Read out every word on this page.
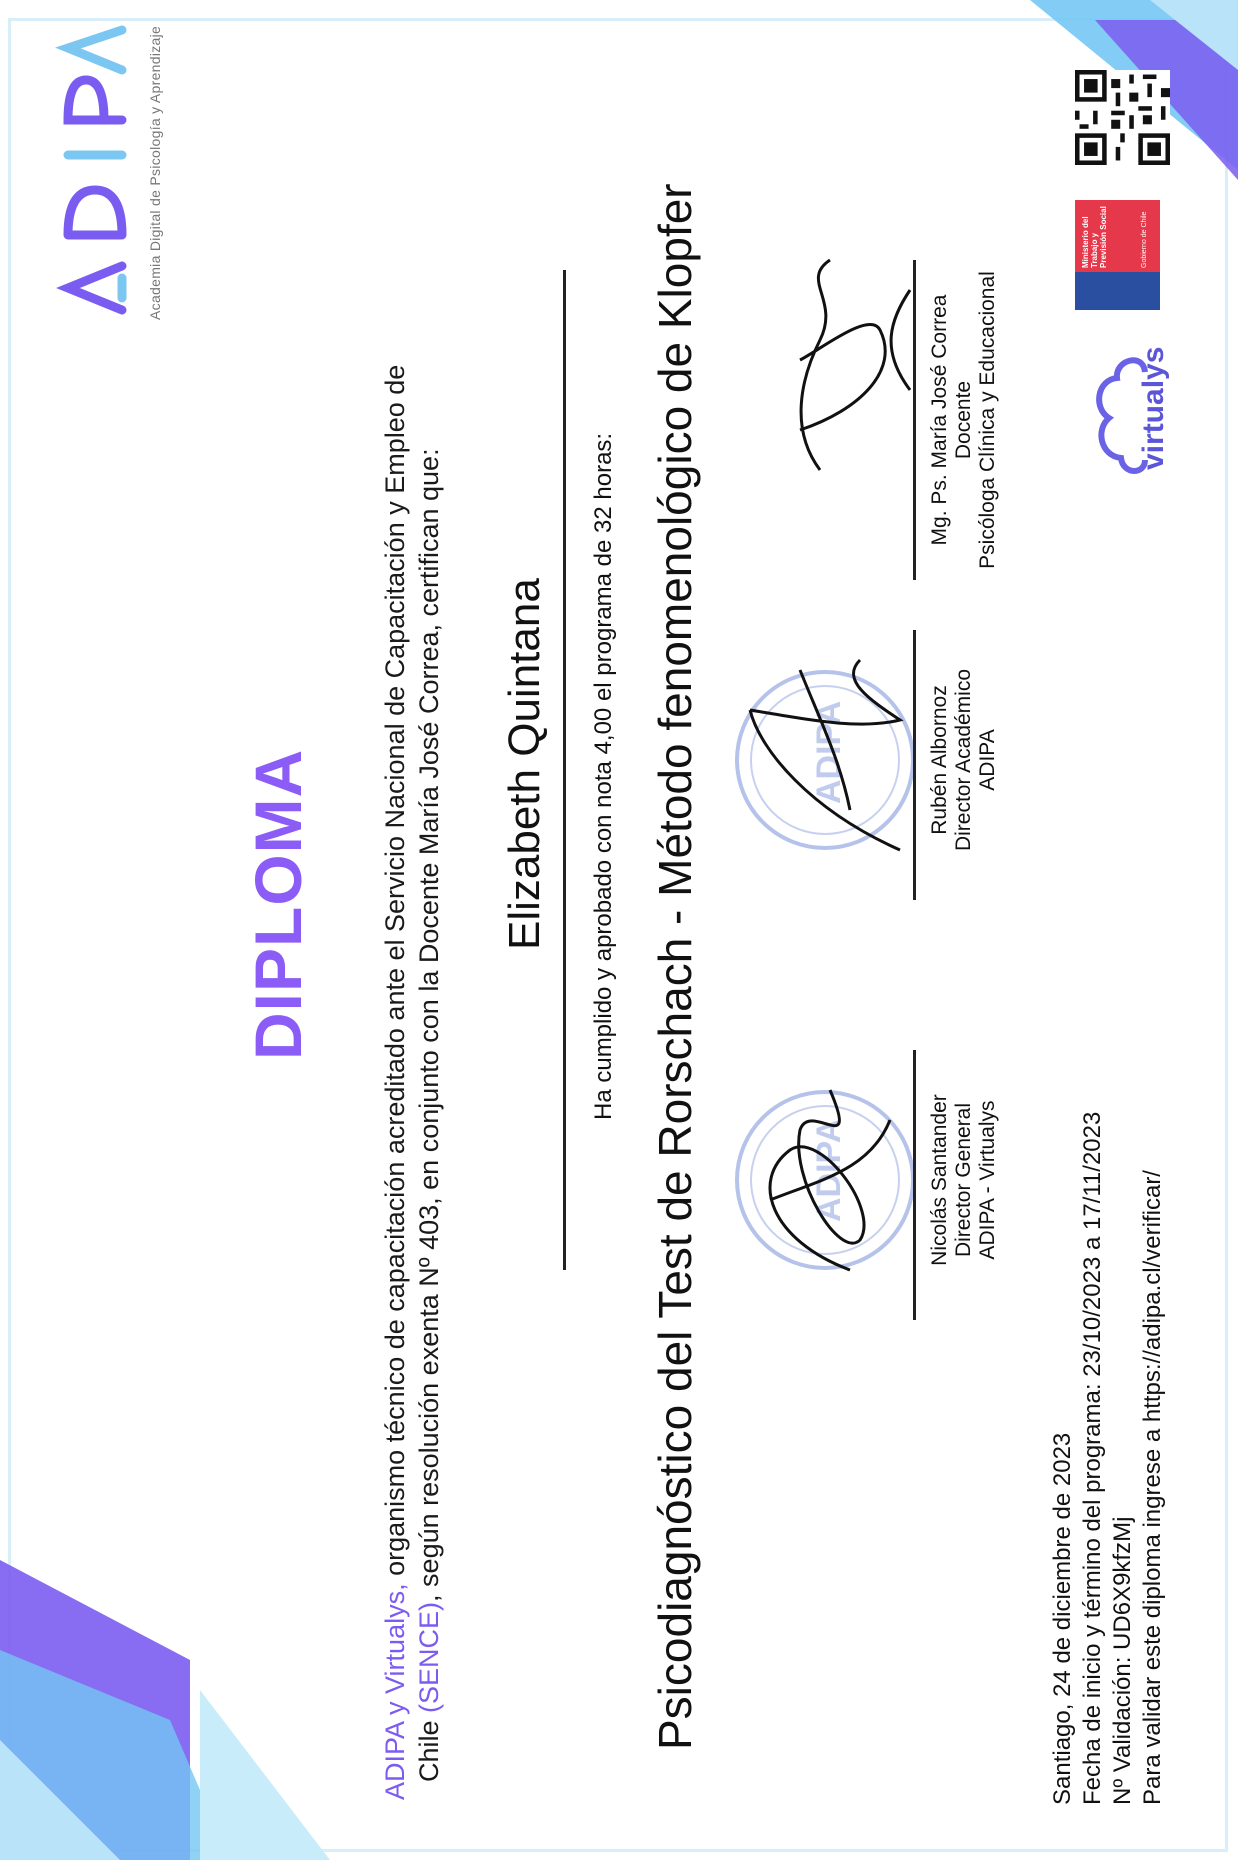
Academia Digital de Psicología y Aprendizaje
DIPLOMA
ADIPA y Virtualys, organismo técnico de capacitación acreditado ante el Servicio Nacional de Capacitación y Empleo de
Chile (SENCE), según resolución exenta Nº 403, en conjunto con la Docente María José Correa, certifican que: Elizabeth Quintana Ha cumplido y aprobado con nota 4,00 el programa de 32 horas: Psicodiagnóstico del Test de Rorschach - Método fenomenológico de Klopfer	ADIPA	Nicolás Santander Director General ADIPA - Virtualys
ADIPA	Rubén Albornoz Director Académico ADIPA
Mg. Ps. María José Correa Docente Psicóloga Clínica y Educacional
Santiago, 24 de diciembre de 2023 Fecha de inicio y término del programa: 23/10/2023 a 17/11/2023 Nº Validación: UD6X9kfzMj Para validar este diploma ingrese a https://adipa.cl/verificar/
virtualys
Ministerio del Trabajo y Previsión Social	Gobierno de Chile
